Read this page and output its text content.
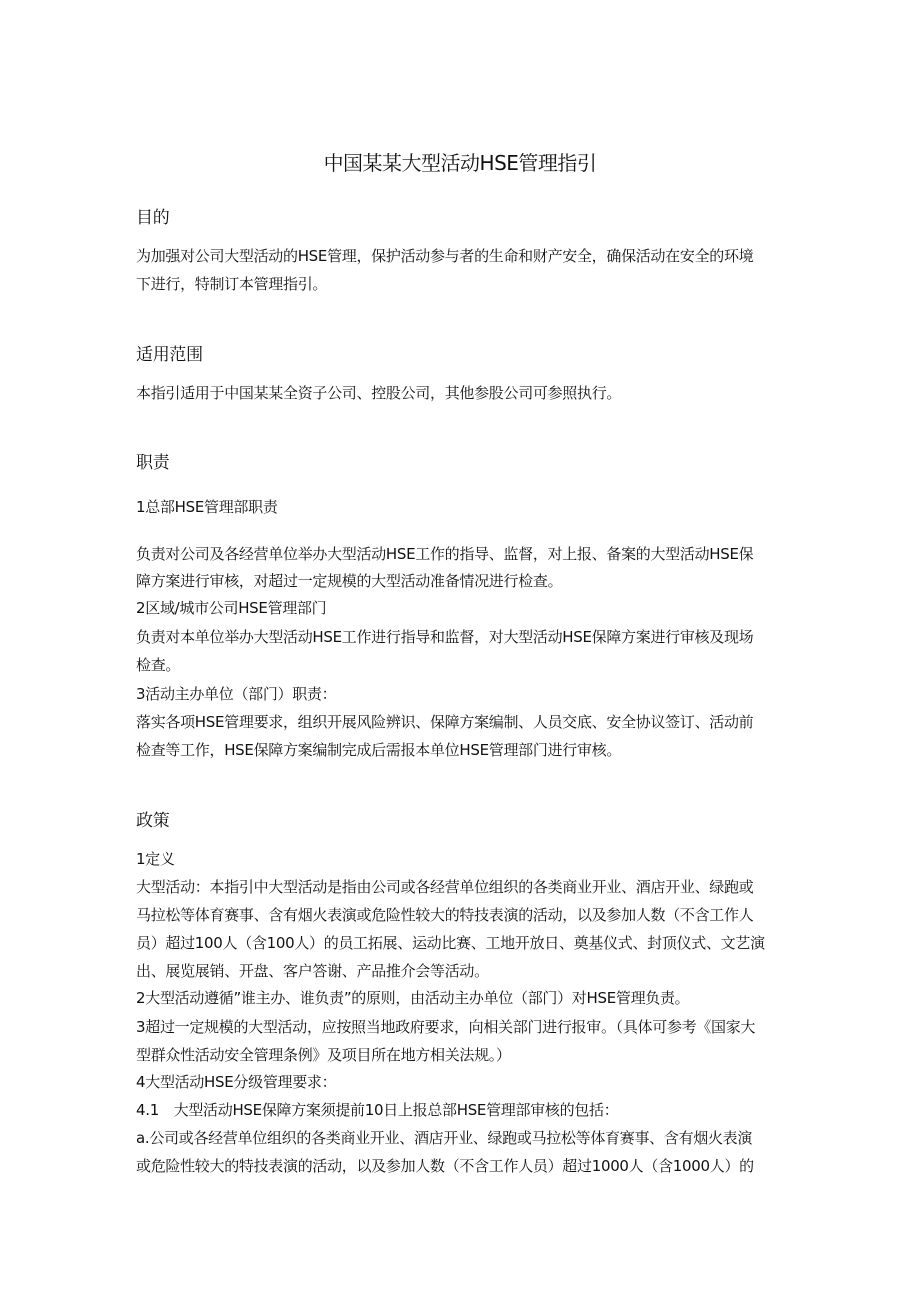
中国某某大型活动HSE管理指引
目的
为加强对公司大型活动的HSE管理，保护活动参与者的生命和财产安全，确保活动在安全的环境
下进行，特制订本管理指引。
适用范围
本指引适用于中国某某全资子公司、控股公司，其他参股公司可参照执行。
职责
1总部HSE管理部职责
负责对公司及各经营单位举办大型活动HSE工作的指导、监督，对上报、备案的大型活动HSE保
障方案进行审核，对超过一定规模的大型活动准备情况进行检查。
2区域/城市公司HSE管理部门
负责对本单位举办大型活动HSE工作进行指导和监督，对大型活动HSE保障方案进行审核及现场
检查。
3活动主办单位（部门）职责：
落实各项HSE管理要求，组织开展风险辨识、保障方案编制、人员交底、安全协议签订、活动前
检查等工作，HSE保障方案编制完成后需报本单位HSE管理部门进行审核。
政策
1定义
大型活动：本指引中大型活动是指由公司或各经营单位组织的各类商业开业、酒店开业、绿跑或
马拉松等体育赛事、含有烟火表演或危险性较大的特技表演的活动，以及参加人数（不含工作人
员）超过100人（含100人）的员工拓展、运动比赛、工地开放日、奠基仪式、封顶仪式、文艺演
出、展览展销、开盘、客户答谢、产品推介会等活动。
2大型活动遵循”谁主办、谁负责”的原则，由活动主办单位（部门）对HSE管理负责。
3超过一定规模的大型活动，应按照当地政府要求，向相关部门进行报审。（具体可参考《国家大
型群众性活动安全管理条例》及项目所在地方相关法规。）
4大型活动HSE分级管理要求：
4.1　大型活动HSE保障方案须提前10日上报总部HSE管理部审核的包括：
a.公司或各经营单位组织的各类商业开业、酒店开业、绿跑或马拉松等体育赛事、含有烟火表演
或危险性较大的特技表演的活动，以及参加人数（不含工作人员）超过1000人（含1000人）的
